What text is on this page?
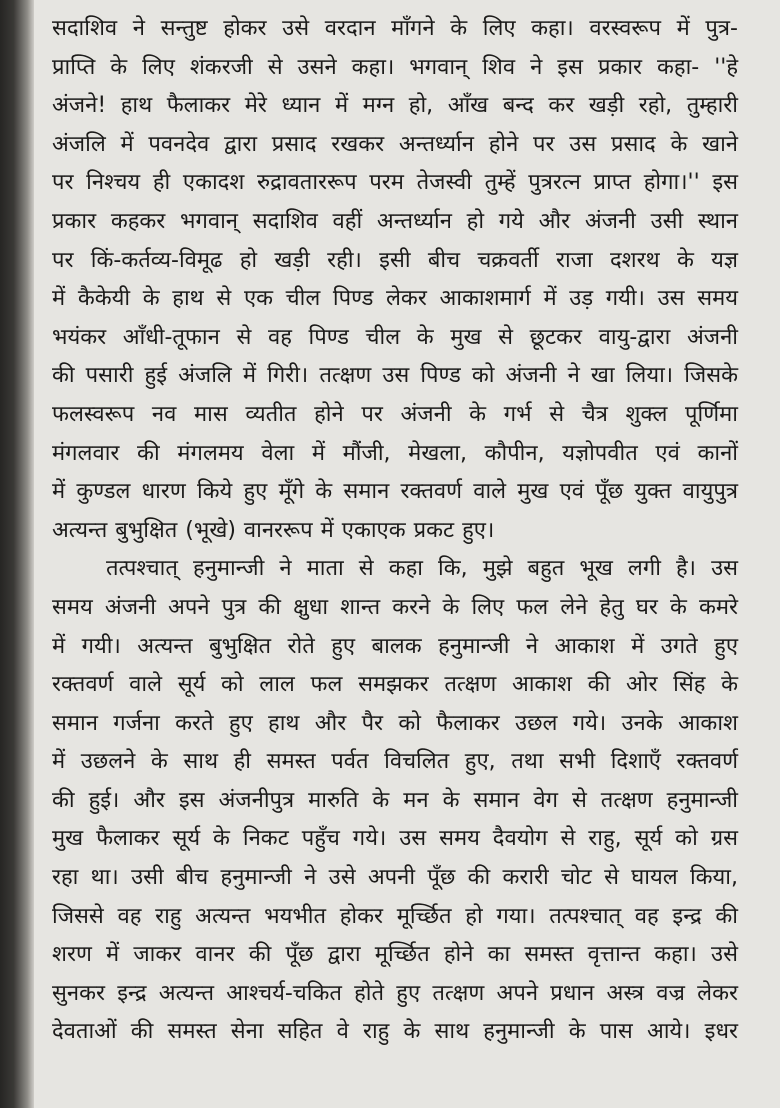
सदाशिव ने सन्तुष्ट होकर उसे वरदान माँगने के लिए कहा। वरस्वरूप में पुत्र-
प्राप्ति के लिए शंकरजी से उसने कहा। भगवान् शिव ने इस प्रकार कहा- ''हे
अंजने! हाथ फैलाकर मेरे ध्यान में मग्न हो, आँख बन्द कर खड़ी रहो, तुम्हारी
अंजलि में पवनदेव द्वारा प्रसाद रखकर अन्तर्ध्यान होने पर उस प्रसाद के खाने
पर निश्चय ही एकादश रुद्रावताररूप परम तेजस्वी तुम्हें पुत्ररत्न प्राप्त होगा।'' इस
प्रकार कहकर भगवान् सदाशिव वहीं अन्तर्ध्यान हो गये और अंजनी उसी स्थान
पर किं-कर्तव्य-विमूढ हो खड़ी रही। इसी बीच चक्रवर्ती राजा दशरथ के यज्ञ
में कैकेयी के हाथ से एक चील पिण्ड लेकर आकाशमार्ग में उड़ गयी। उस समय
भयंकर आँधी-तूफान से वह पिण्ड चील के मुख से छूटकर वायु-द्वारा अंजनी
की पसारी हुई अंजलि में गिरी। तत्क्षण उस पिण्ड को अंजनी ने खा लिया। जिसके
फलस्वरूप नव मास व्यतीत होने पर अंजनी के गर्भ से चैत्र शुक्ल पूर्णिमा
मंगलवार की मंगलमय वेला में मौंजी, मेखला, कौपीन, यज्ञोपवीत एवं कानों
में कुण्डल धारण किये हुए मूँगे के समान रक्तवर्ण वाले मुख एवं पूँछ युक्त वायुपुत्र
अत्यन्त बुभुक्षित (भूखे) वानररूप में एकाएक प्रकट हुए।
तत्पश्चात् हनुमान्जी ने माता से कहा कि, मुझे बहुत भूख लगी है। उस
समय अंजनी अपने पुत्र की क्षुधा शान्त करने के लिए फल लेने हेतु घर के कमरे
में गयी। अत्यन्त बुभुक्षित रोते हुए बालक हनुमान्जी ने आकाश में उगते हुए
रक्तवर्ण वाले सूर्य को लाल फल समझकर तत्क्षण आकाश की ओर सिंह के
समान गर्जना करते हुए हाथ और पैर को फैलाकर उछल गये। उनके आकाश
में उछलने के साथ ही समस्त पर्वत विचलित हुए, तथा सभी दिशाएँ रक्तवर्ण
की हुई। और इस अंजनीपुत्र मारुति के मन के समान वेग से तत्क्षण हनुमान्जी
मुख फैलाकर सूर्य के निकट पहुँच गये। उस समय दैवयोग से राहु, सूर्य को ग्रस
रहा था। उसी बीच हनुमान्जी ने उसे अपनी पूँछ की करारी चोट से घायल किया,
जिससे वह राहु अत्यन्त भयभीत होकर मूर्च्छित हो गया। तत्पश्चात् वह इन्द्र की
शरण में जाकर वानर की पूँछ द्वारा मूर्च्छित होने का समस्त वृत्तान्त कहा। उसे
सुनकर इन्द्र अत्यन्त आश्चर्य-चकित होते हुए तत्क्षण अपने प्रधान अस्त्र वज्र लेकर
देवताओं की समस्त सेना सहित वे राहु के साथ हनुमान्जी के पास आये। इधर
